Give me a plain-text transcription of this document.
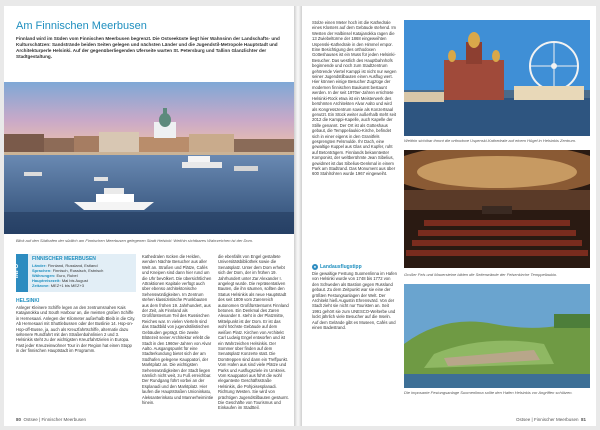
Am Finnischen Meerbusen
Finnland wird im Süden vom Finnischen Meerbusen begrenzt. Die Ostseeküste liegt hier Wahnsinn der Landschafts- und Kulturschätzen: Sandstrände beiden Seiten gelegen und nächsten Länder und die Jugendstil-Metropole Hauptstadt und Architekturperle Helsinki. Auf der gegenüberliegenden Uferseite warten St. Petersburg und Tallinn Glanzlichter der Stadtgestaltung.
Blick auf den Südhafen der südlich am Finnischen Meerbusen gelegenen Stadt Helsinki: Weithin sichtbares Wahrzeichen ist der Dom.
INFO
FINNISCHER MEERBUSEN
Länder: Finnland, Russland, Estland
Sprachen: Finnisch, Russisch, Estnisch
Währungen: Euro, Rubel
Hauptreisezeit: Mai bis August
Zeitzone: MEZ+1 bis MEZ+3
HELSINKI
Anleger Kleinere Schiffe legen an den zentrumsnahen Kais Katajanokka und South Harbour an, die meisten großen Schiffe in Hernesaari. Anlegen der Kilometer außerhalb Bleib in die City. Ab Hernesaari mit Shuttlebussen oder der Buslinie 14. Hop-on-Hop-off-Busse, ja, auch als Kreuzfahrtschiffe, alternativ dazu seltenere Rundfahrt mit den Straßenbahnlinien 2 und 3. Helsinkis steht zu der wichtigsten Kreuzfahrtzielen in Europa. Fast jeder Kreuzeinwohner Tour in der Region hat einen Stopp in der finnischen Hauptstadt im Programm.
Kathedralen rücken die Helden, wenden Nächte Besucher aus aller Welt an. Straßen und Plätze, Cafés und Kneipen sind dann hier rund um die Uhr bevölkert. Die übersichtlichen Attraktionen Kapitale verfügt auch über ebenso architektonische Sehenswürdigkeiten. Im Zentrum stehen klassizistische Prunkbauten aus dem frühen 19. Jahrhundert, aus der Zeit, als Finnland als Großfürstentum Teil des Russischen Reiches war. In vielen Vierteln sind das Stadtbild von jugendstilistischen Gebäuden geprägt. Die zweite Blütezeit seiner Architektur erlebt die Stadt in den 1960er-Jahren von Alvar Aalto. Ausgangspunkt für eine Stadterkundung bietet sich der am Südhafen gelegene Kauppatori, der Marktplatz an. Die wichtigsten Sehenswürdigkeiten der Stadt liegen nämlich nicht weit, zu Fuß erreichbar. Der Rundgang führt vorbei an der Esplanadi und den Marktplatz. Hier laufen die Hauptstraßen Unioninkatu, Aleksanterinkatu und Mannerheimintie hinein.
die ebenfalls von Engel gestaltete Universitätsbibliothek sowie die Senatsplatz. Unter dem Dom erhebt sich der Dom, der im frühen 19. Jahrhundert unter Zar Alexander I. angelegt wurde. Die repräsentativen Bauten, die ihn säumen, sollten den Status Helsinkis als neue Hauptstadt des seit 1809 vom Zarenreich autonomen Großfürstentums Finnland betonen. Ein Denkmal des Zaren Alexander II. steht in der Platzmitte, Mittelpunkt ist der Dom. Er ist das wohl höchste Gebäude auf dem weißen Platz. Kirchen von Architekt Carl Ludwig Engel entworfen und ist ein Wahrzeichen Helsinkis. Der Sommer über finden auf dem Senatsplatz Konzerte statt. Die Domtreppen sind dann ein Treffpunkt. Vom Hafen aus sind viele Plätze und Parks und Ausflugsziele im Umkreis. Vom Kauppatori aus führt die wohl eleganteste Geschäftsstraße Helsinkis, die Pohjoisesplanadi. Richtung Westen. Sie wird von prächtigen Jugendstilbauten gesäumt. Die Geschäfte von Tourismus und Einkaufen im Stadtteil.
80 Ostsee | Finnischer Meerbusen
Stolze einen Meter hoch ist die Kathedrale eines Klosters auf dem Gebäude stehend. Im Westen der Halbinsel Katajanokka ragen die 13 Zwiebeltürme der 1868 eingeweihten Uspenski-Kathedrale in den Himmel empor. Eine Besichtigung des orthodoxen Gotteshauses ist ein Muss für jeden Helsinki-Besucher. Das westlich des Hauptbahnhofs beginnende und noch zum Stadtzentrum gehörende Viertel Kamppi ist nicht nur wegen seiner Jugendstilbauten einen Ausflug wert. Hier können einige Besucher Zugzüge der modernen finnischen Baukunst bestaunt werden. In der seit 1970er-Jahren errichtete Helsinki-Rock etwa ist ein Meisterwerk des berühmten Architekten Alvar Aalto und wird als Kongresszentrum sowie als Konzertsaal genutzt. Ein Stück weiter außerhalb steht seit 2012 die Kamppi-Kapelle, auch Kapelle der Stille genannt. Der Ort ist als Gotteshaus gebaut, die Temppeliaukio-Kirche, befindet sich in einer eigens in den Granitfels gesprengten Felsmulde. Ihr Dach, eine gewaltige Kuppel aus Glas und Kupfer, ruht auf Betonträgern. Finnlands bekanntester Komponist, der weltberühmte Jean Sibelius, gewidmet ist das Sibelius-Denkmal in einem Park am Stadtrand. Das Monument aus über 600 Stahlrohren wurde 1967 eingeweiht.
● Landausflugstipp
Die gewaltige Festung Suomenlinna im Hafen von Helsinki wurde von 1748 bis 1772 von den Schweden als Bastion gegen Russland gebaut. Zu dem Zeitpunkt war sie eine der größten Festungsanlagen der Welt. Der Architekt hieß Augustin Ehrensvärd. Von der Stadt zieht sie nicht nur Touristen an. Seit 1991 gehört sie zum UNESCO-Welterbe und lockt jährlich viele Besucher auf die Inseln. Auf dem Gelände gibt es Museen, Cafés und einen Badestrand.
Weithin sichtbar thront die orthodoxe Uspenski-Kathedrale auf einem Hügel in Helsinkis Zentrum.
Großer Fels und Mauersteine bilden die Seitenwände der Felsenkirche Temppeliaukio.
Die imposante Festungsanlage Suomenlinna sollte den Hafen Helsinkis vor Angriffen schützen.
Ostsee | Finnischer Meerbusen 81
